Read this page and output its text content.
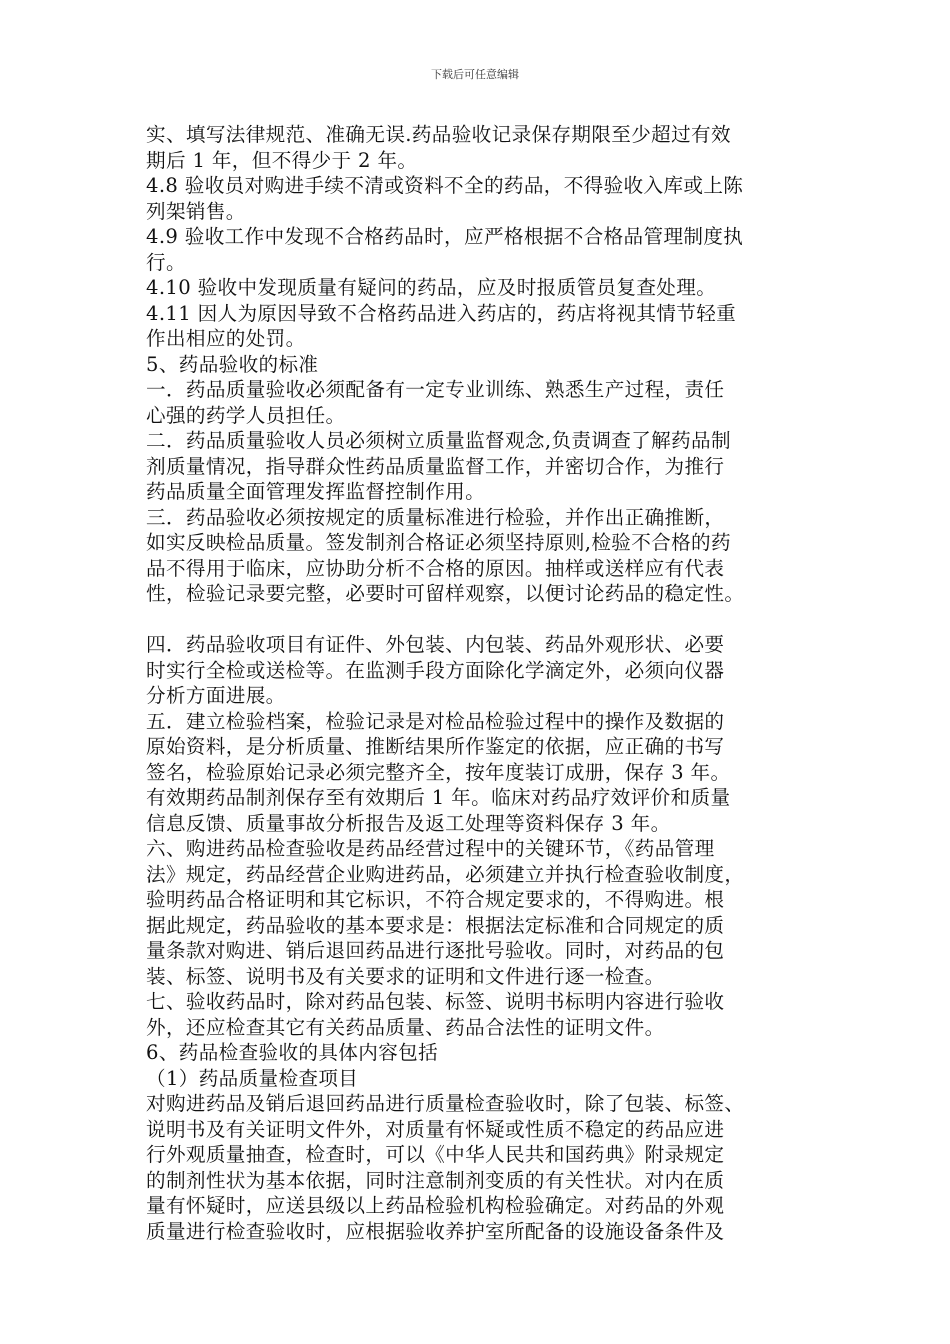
下载后可任意编辑
实、填写法律规范、准确无误.药品验收记录保存期限至少超过有效
期后 1 年，但不得少于 2 年。
4.8 验收员对购进手续不清或资料不全的药品，不得验收入库或上陈
列架销售。
4.9 验收工作中发现不合格药品时，应严格根据不合格品管理制度执
行。
4.10 验收中发现质量有疑问的药品，应及时报质管员复查处理。
4.11 因人为原因导致不合格药品进入药店的，药店将视其情节轻重
作出相应的处罚。
5、药品验收的标准
一．药品质量验收必须配备有一定专业训练、熟悉生产过程，责任
心强的药学人员担任。
二．药品质量验收人员必须树立质量监督观念,负责调查了解药品制
剂质量情况，指导群众性药品质量监督工作，并密切合作，为推行
药品质量全面管理发挥监督控制作用。
三．药品验收必须按规定的质量标准进行检验，并作出正确推断，
如实反映检品质量。签发制剂合格证必须坚持原则,检验不合格的药
品不得用于临床，应协助分析不合格的原因。抽样或送样应有代表
性，检验记录要完整，必要时可留样观察，以便讨论药品的稳定性。
四．药品验收项目有证件、外包装、内包装、药品外观形状、必要
时实行全检或送检等。在监测手段方面除化学滴定外，必须向仪器
分析方面进展。
五．建立检验档案，检验记录是对检品检验过程中的操作及数据的
原始资料，是分析质量、推断结果所作鉴定的依据，应正确的书写
签名，检验原始记录必须完整齐全，按年度装订成册，保存 3 年。
有效期药品制剂保存至有效期后 1 年。临床对药品疗效评价和质量
信息反馈、质量事故分析报告及返工处理等资料保存 3 年。
六、购进药品检查验收是药品经营过程中的关键环节，《药品管理
法》规定，药品经营企业购进药品，必须建立并执行检查验收制度，
验明药品合格证明和其它标识，不符合规定要求的，不得购进。根
据此规定，药品验收的基本要求是：根据法定标准和合同规定的质
量条款对购进、销后退回药品进行逐批号验收。同时，对药品的包
装、标签、说明书及有关要求的证明和文件进行逐一检查。
七、验收药品时，除对药品包装、标签、说明书标明内容进行验收
外，还应检查其它有关药品质量、药品合法性的证明文件。
6、药品检查验收的具体内容包括
（1）药品质量检查项目
对购进药品及销后退回药品进行质量检查验收时，除了包装、标签、
说明书及有关证明文件外，对质量有怀疑或性质不稳定的药品应进
行外观质量抽查，检查时，可以《中华人民共和国药典》附录规定
的制剂性状为基本依据，同时注意制剂变质的有关性状。对内在质
量有怀疑时，应送县级以上药品检验机构检验确定。对药品的外观
质量进行检查验收时，应根据验收养护室所配备的设施设备条件及
